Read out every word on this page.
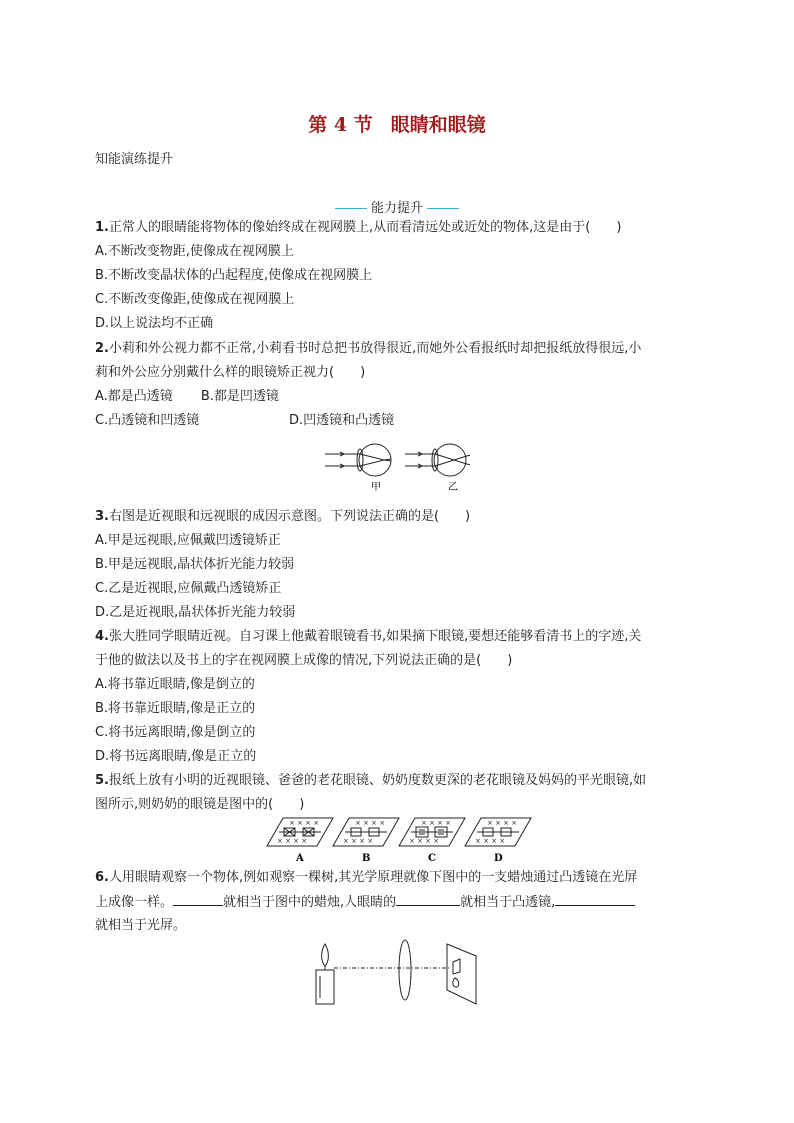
第 4 节 眼睛和眼镜
知能演练提升
能力提升
1.正常人的眼睛能将物体的像始终成在视网膜上,从而看清远处或近处的物体,这是由于(　　)
A.不断改变物距,使像成在视网膜上
B.不断改变晶状体的凸起程度,使像成在视网膜上
C.不断改变像距,使像成在视网膜上
D.以上说法均不正确
2.小莉和外公视力都不正常,小莉看书时总把书放得很近,而她外公看报纸时却把报纸放得很远,小
莉和外公应分别戴什么样的眼镜矫正视力(　　)
A.都是凸透镜 B.都是凹透镜
C.凸透镜和凹透镜	D.凹透镜和凸透镜
甲	乙
3.右图是近视眼和远视眼的成因示意图。下列说法正确的是(　　)
A.甲是远视眼,应佩戴凹透镜矫正
B.甲是远视眼,晶状体折光能力较弱
C.乙是近视眼,应佩戴凸透镜矫正
D.乙是近视眼,晶状体折光能力较弱
4.张大胜同学眼睛近视。自习课上他戴着眼镜看书,如果摘下眼镜,要想还能够看清书上的字迹,关
于他的做法以及书上的字在视网膜上成像的情况,下列说法正确的是(　　)
A.将书靠近眼睛,像是倒立的
B.将书靠近眼睛,像是正立的
C.将书远离眼睛,像是倒立的
D.将书远离眼睛,像是正立的
5.报纸上放有小明的近视眼镜、爸爸的老花眼镜、奶奶度数更深的老花眼镜及妈妈的平光眼镜,如
图所示,则奶奶的眼镜是图中的(　　)
× × × ×
× × × ×
× × × ×
× × × ×
× × × ×
× × × ×
× × × ×
× × × ×
A	B	C	D
6.人用眼睛观察一个物体,例如观察一棵树,其光学原理就像下图中的一支蜡烛通过凸透镜在光屏
上成像一样。	就相当于图中的蜡烛,人眼睛的	就相当于凸透镜,
就相当于光屏。
